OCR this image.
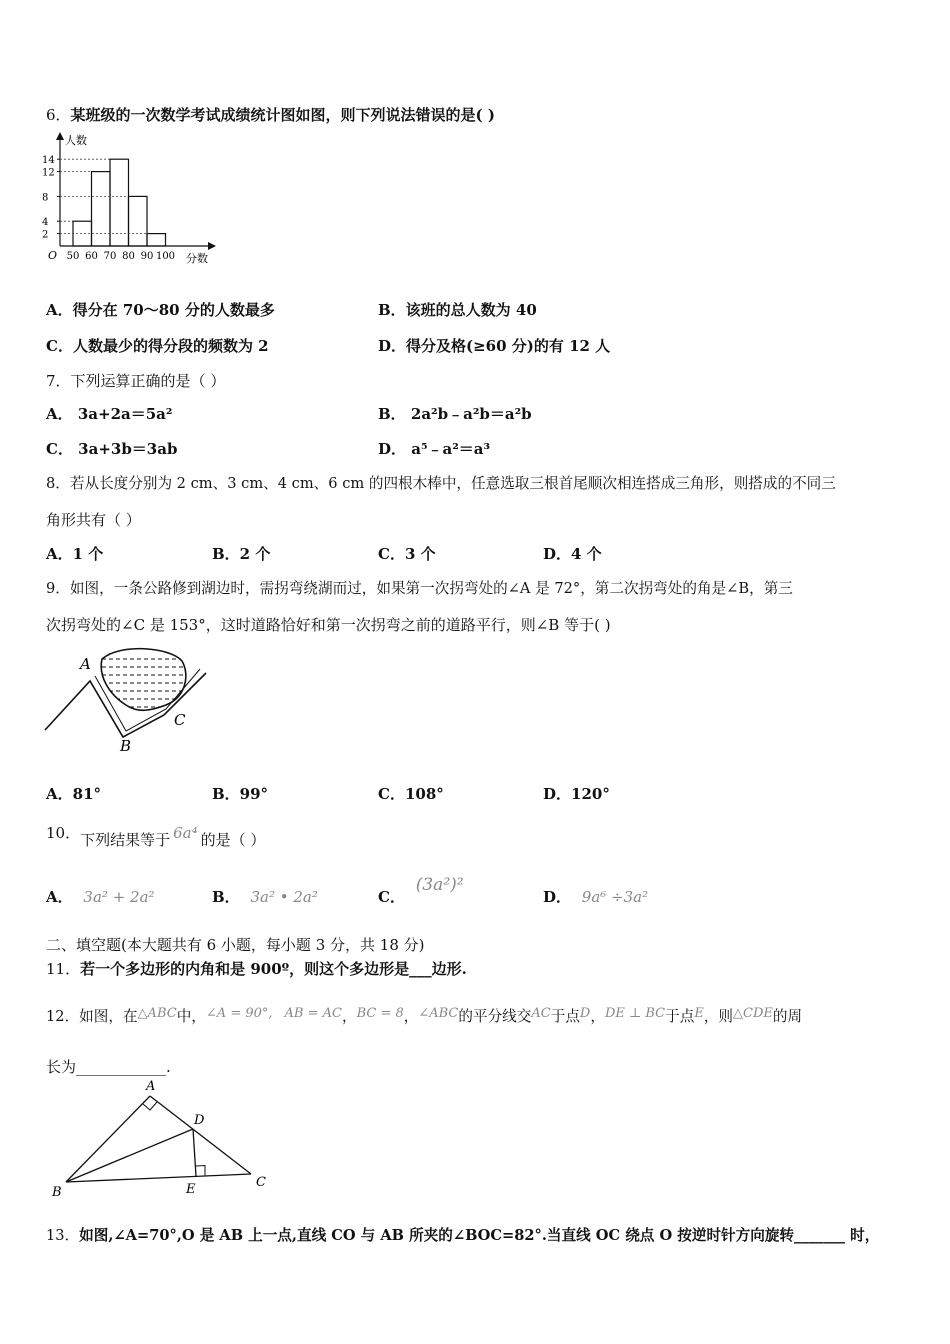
6．某班级的一次数学考试成绩统计图如图，则下列说法错误的是( )
2
4
8
12
14
50 60 70 80 90 100
O	分数
人数
A．得分在 70～80 分的人数最多	B．该班的总人数为 40
C．人数最少的得分段的频数为 2	D．得分及格(≥60 分)的有 12 人
7．下列运算正确的是（ ）
A． 3a+2a＝5a²	B． 2a²b﹣a²b＝a²b
C． 3a+3b＝3ab	D． a⁵﹣a²＝a³
8．若从长度分别为 2 cm、3 cm、4 cm、6 cm 的四根木棒中，任意选取三根首尾顺次相连搭成三角形，则搭成的不同三
角形共有（ ）
A．1 个	B．2 个	C．3 个	D．4 个
9．如图，一条公路修到湖边时，需拐弯绕湖而过，如果第一次拐弯处的∠A 是 72°，第二次拐弯处的角是∠B，第三
次拐弯处的∠C 是 153°，这时道路恰好和第一次拐弯之前的道路平行，则∠B 等于( )
A
B
C
A．81°	B．99°	C．108°	D．120°
10．下列结果等于 6a⁴ 的是（ ）
A． 3a² + 2a²	B． 3a² • 2a²	C． (3a²)²
D． 9a⁶ ÷3a²
二、填空题(本大题共有 6 小题，每小题 3 分，共 18 分)
11．若一个多边形的内角和是 900º，则这个多边形是___边形.
12．如图，在△ABC中，∠A = 90°, AB = AC，BC = 8，∠ABC的平分线交AC于点D，DE ⊥ BC于点E，则△CDE的周
长为____________.
A
D
B	E	C
13．如图,∠A=70°,O 是 AB 上一点,直线 CO 与 AB 所夹的∠BOC=82°.当直线 OC 绕点 O 按逆时针方向旋转_______ 时，
